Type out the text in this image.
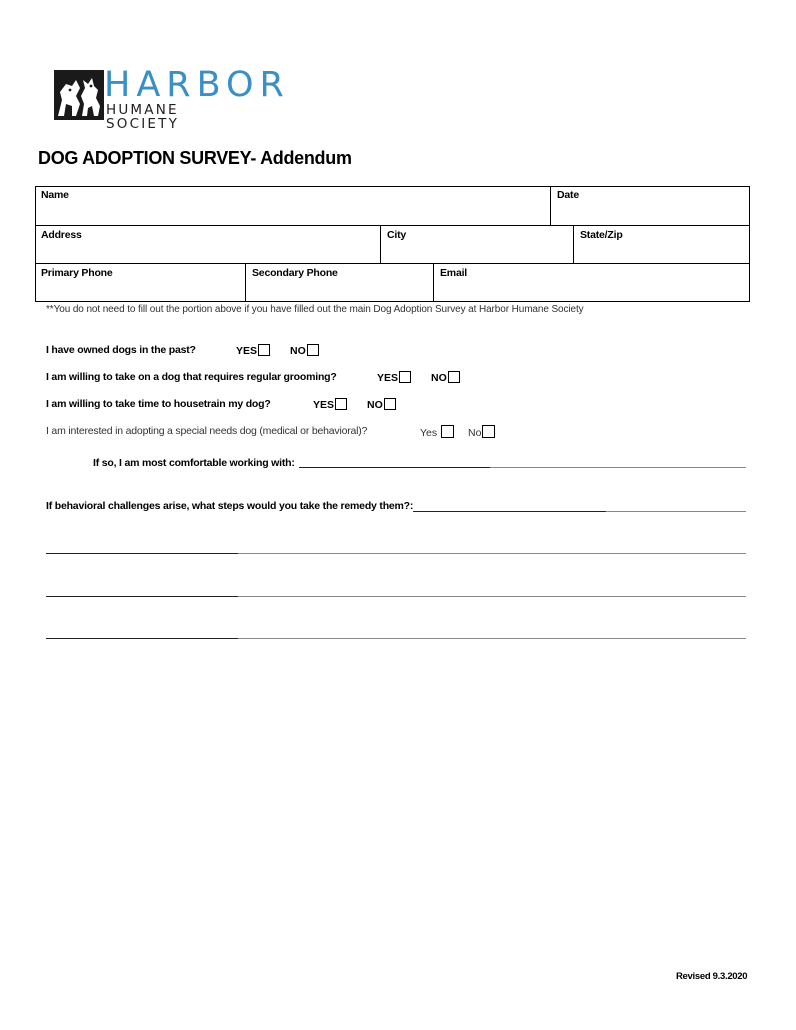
HARBOR
HUMANE SOCIETY
DOG ADOPTION SURVEY- Addendum
Name	Date
Address	City	State/Zip
Primary Phone	Secondary Phone	Email
**You do not need to fill out the portion above if you have filled out the main Dog Adoption Survey at Harbor Humane Society
I have owned dogs in the past?	YES	NO
I am willing to take on a dog that requires regular grooming?	YES	NO
I am willing to take time to housetrain my dog?	YES	NO
I am interested in adopting a special needs dog (medical or behavioral)?	Yes	No
If so, I am most comfortable working with:
If behavioral challenges arise, what steps would you take the remedy them?:
Revised 9.3.2020
